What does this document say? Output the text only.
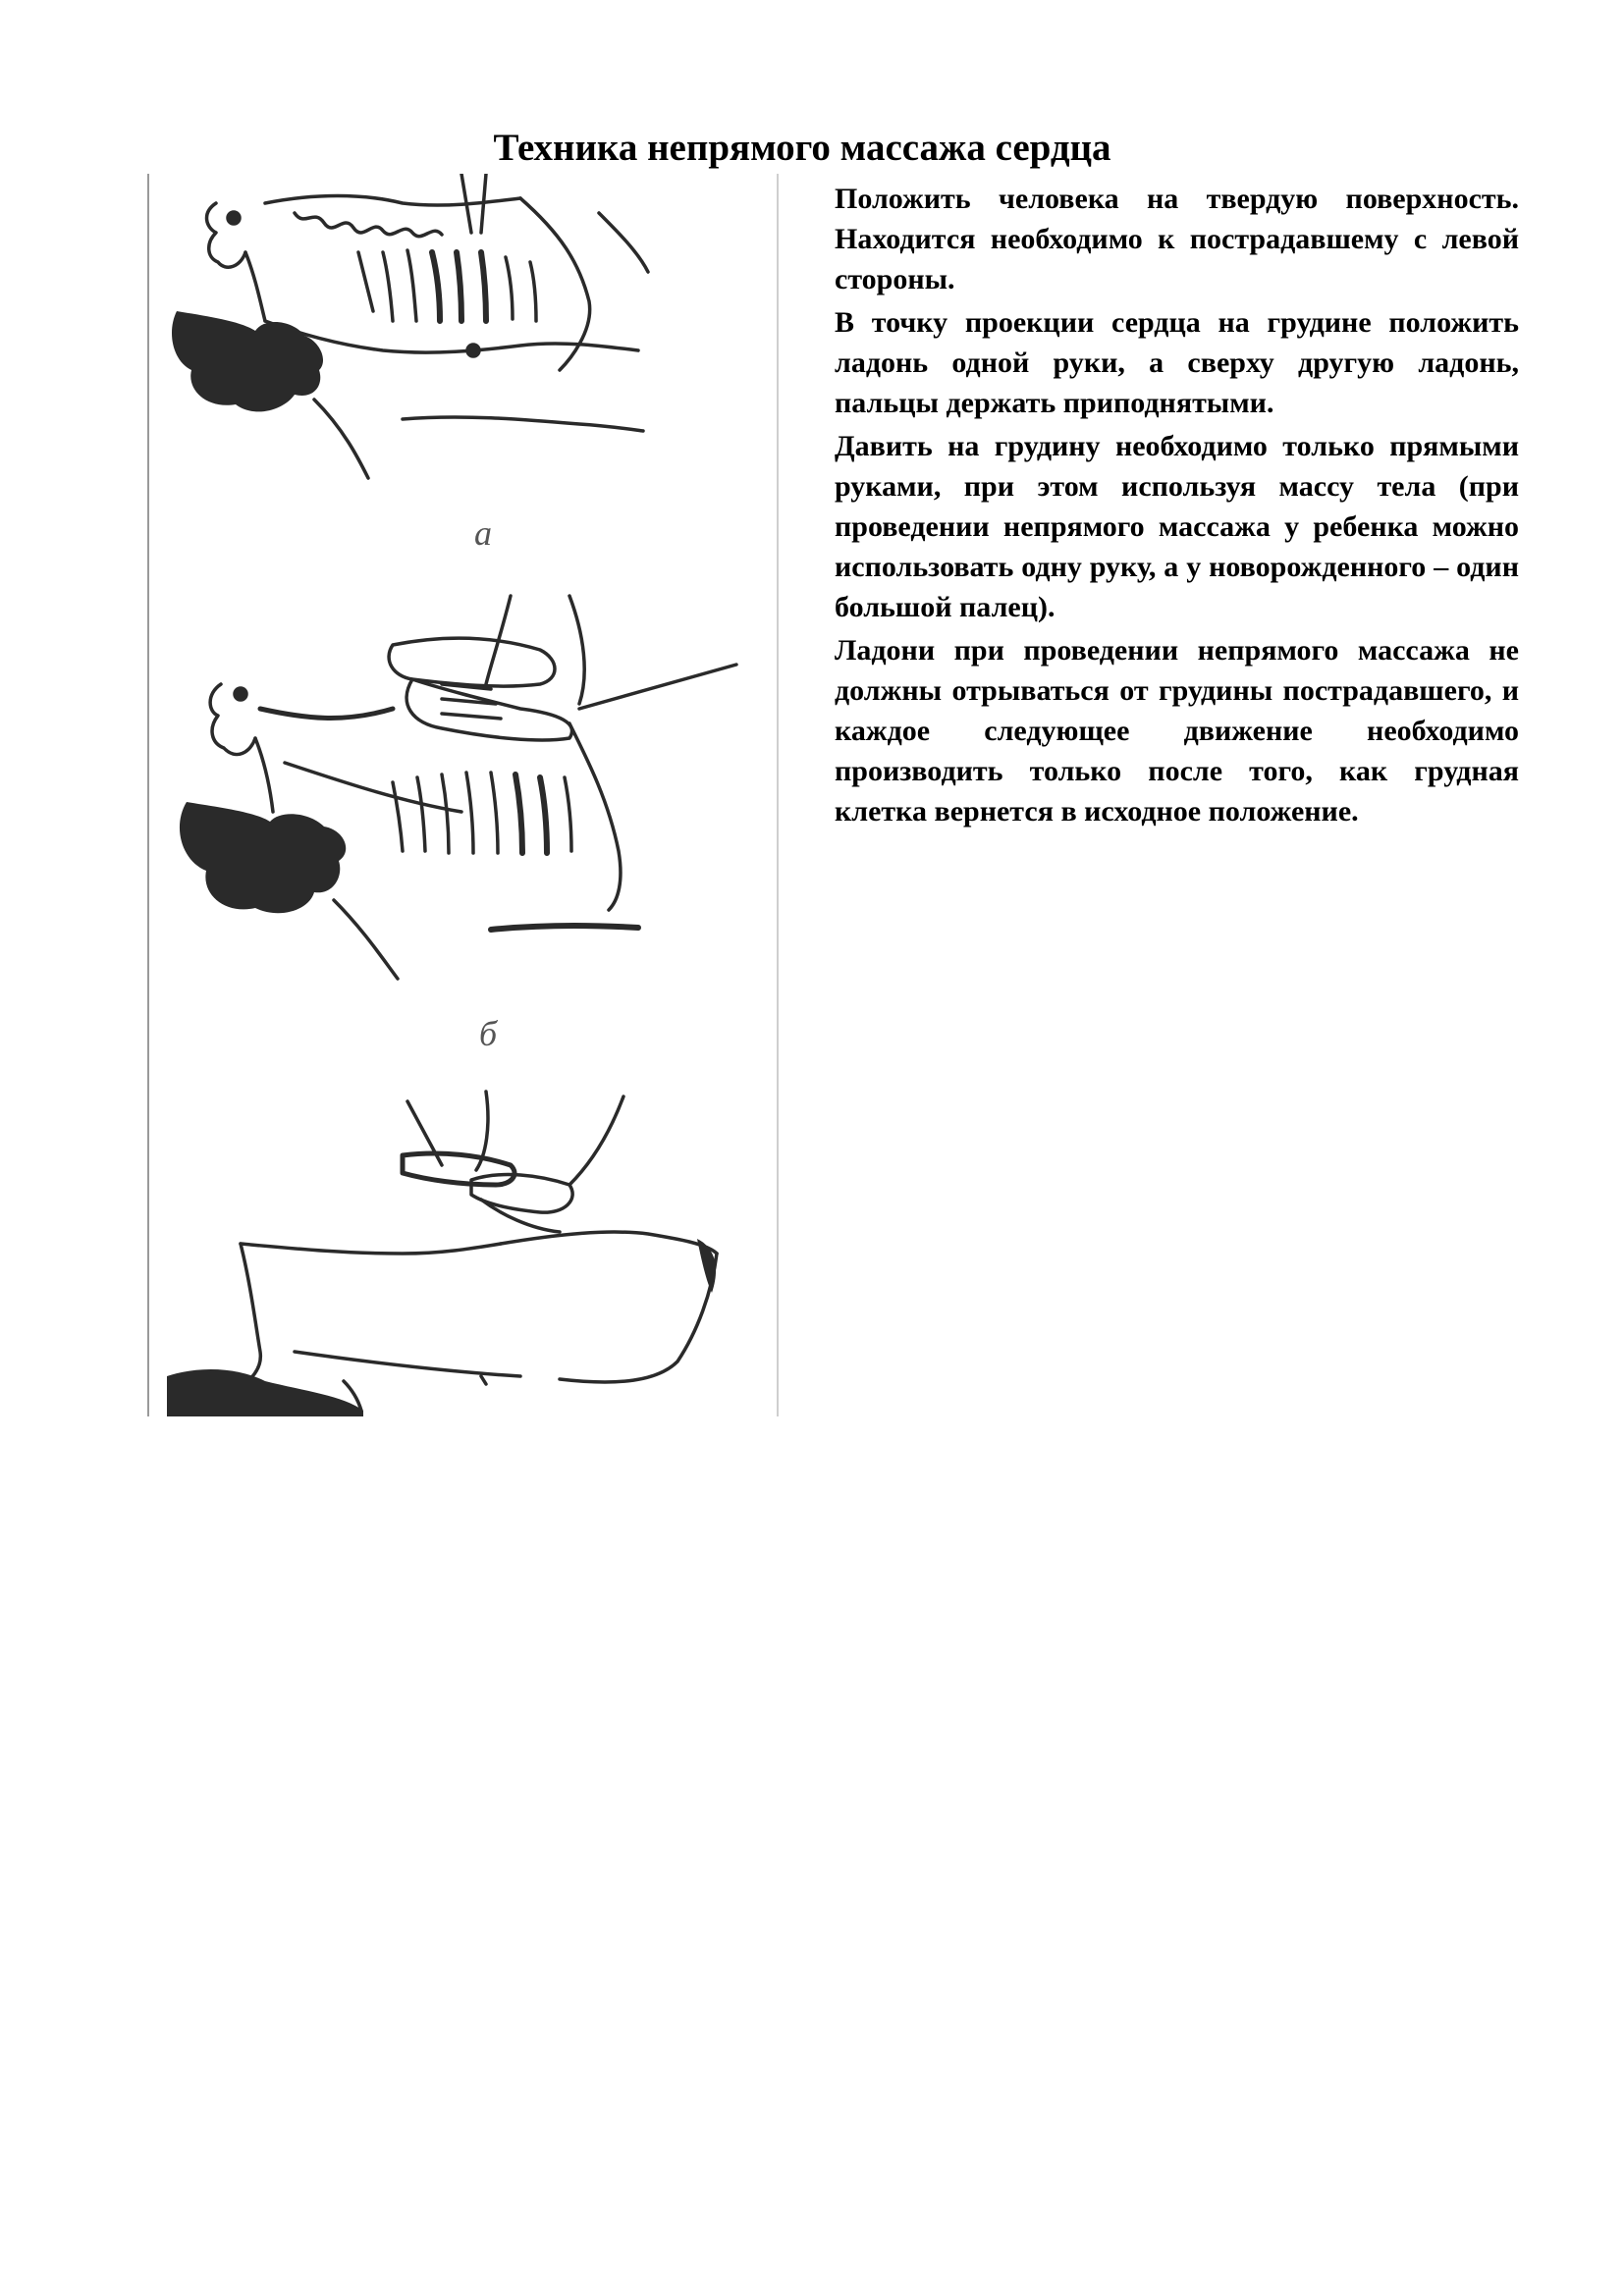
Техника непрямого массажа сердца
а
б

Положить человека на твердую поверхность. Находится необходимо к пострадавшему с левой стороны.

В точку проекции сердца на грудине положить ладонь одной руки, а сверху другую ладонь, пальцы держать приподнятыми.

Давить на грудину необходимо только прямыми руками, при этом используя массу тела (при проведении непрямого массажа у ребенка можно использовать одну руку, а у новорожденного – один большой палец).

Ладони при проведении непрямого массажа не должны отрываться от грудины пострадавшего, и каждое следующее движение необходимо производить только после того, как грудная клетка вернется в исходное положение.
